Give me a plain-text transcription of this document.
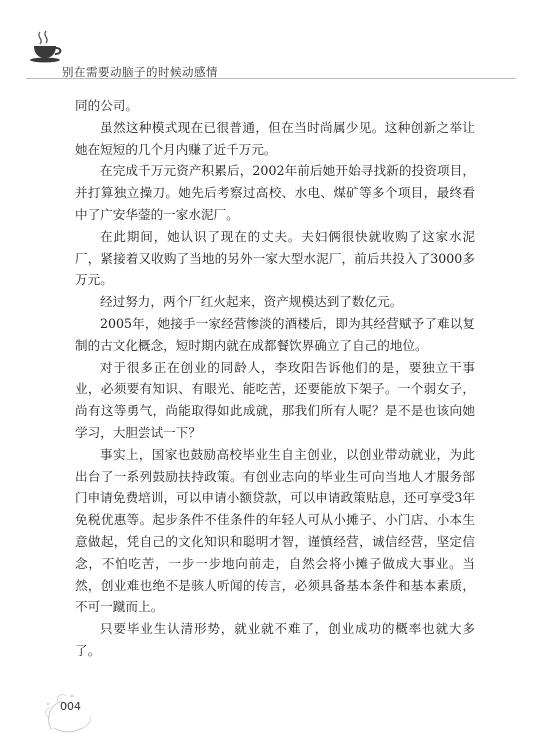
别在需要动脑子的时候动感情

同的公司。

虽然这种模式现在已很普通，但在当时尚属少见。这种创新之举让她在短短的几个月内赚了近千万元。

在完成千万元资产积累后，2002年前后她开始寻找新的投资项目，并打算独立操刀。她先后考察过高校、水电、煤矿等多个项目，最终看中了广安华蓥的一家水泥厂。

在此期间，她认识了现在的丈夫。夫妇俩很快就收购了这家水泥厂，紧接着又收购了当地的另外一家大型水泥厂，前后共投入了3000多万元。

经过努力，两个厂红火起来，资产规模达到了数亿元。

2005年，她接手一家经营惨淡的酒楼后，即为其经营赋予了难以复制的古文化概念，短时期内就在成都餐饮界确立了自己的地位。

对于很多正在创业的同龄人，李玫阳告诉他们的是，要独立干事业，必须要有知识、有眼光、能吃苦，还要能放下架子。一个弱女子，尚有这等勇气，尚能取得如此成就，那我们所有人呢？是不是也该向她学习，大胆尝试一下？

事实上，国家也鼓励高校毕业生自主创业，以创业带动就业，为此出台了一系列鼓励扶持政策。有创业志向的毕业生可向当地人才服务部门申请免费培训，可以申请小额贷款，可以申请政策贴息，还可享受3年免税优惠等。起步条件不佳条件的年轻人可从小摊子、小门店、小本生意做起，凭自己的文化知识和聪明才智，谨慎经营，诚信经营，坚定信念，不怕吃苦，一步一步地向前走，自然会将小摊子做成大事业。当然，创业难也绝不是骇人听闻的传言，必须具备基本条件和基本素质，不可一蹴而上。

只要毕业生认清形势，就业就不难了，创业成功的概率也就大多了。

004
